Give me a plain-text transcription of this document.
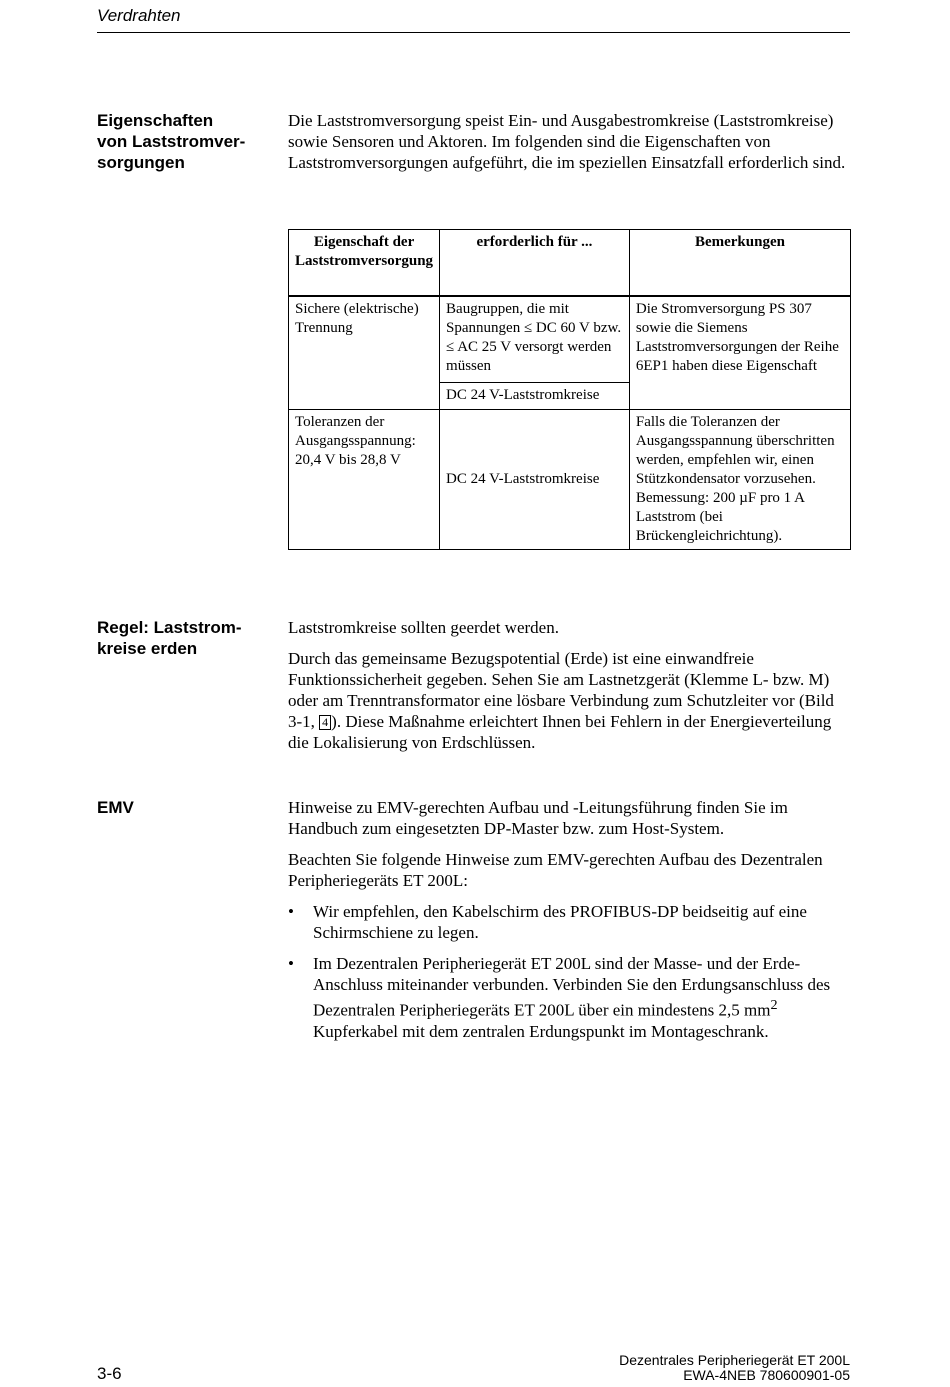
Verdrahten
Eigenschaften
von Laststromver-
sorgungen

Die Laststromversorgung speist Ein- und Ausgabestromkreise (Laststromkreise) sowie Sensoren und Aktoren. Im folgenden sind die Eigenschaften von Laststromversorgungen aufgeführt, die im speziellen Einsatzfall erforderlich sind.

Eigenschaft der Laststromversorgung	erforderlich für ...	Bemerkungen
Sichere (elektrische) Trennung	Baugruppen, die mit Spannungen ≤ DC 60 V bzw. ≤ AC 25 V versorgt werden müssen	Die Stromversorgung PS 307 sowie die Siemens Laststromversorgungen der Reihe 6EP1 haben diese Eigenschaft
	DC 24 V-Laststromkreise	
Toleranzen der Ausgangsspannung: 20,4 V bis 28,8 V	DC 24 V-Laststromkreise	Falls die Toleranzen der Ausgangsspannung überschritten werden, empfehlen wir, einen Stützkondensator vorzusehen. Bemessung: 200 µF pro 1 A Laststrom (bei Brückengleichrichtung).
Regel: Laststrom-
kreise erden

Laststromkreise sollten geerdet werden.

Durch das gemeinsame Bezugspotential (Erde) ist eine einwandfreie Funktionssicherheit gegeben. Sehen Sie am Lastnetzgerät (Klemme L- bzw. M) oder am Trenntransformator eine lösbare Verbindung zum Schutzleiter vor (Bild 3-1, 4 ). Diese Maßnahme erleichtert Ihnen bei Fehlern in der Energieverteilung die Lokalisierung von Erdschlüssen.

EMV	Hinweise zu EMV-gerechten Aufbau und -Leitungsführung finden Sie im Handbuch zum eingesetzten DP-Master bzw. zum Host-System.

Beachten Sie folgende Hinweise zum EMV-gerechten Aufbau des Dezentralen Peripheriegeräts ET 200L:

• Wir empfehlen, den Kabelschirm des PROFIBUS-DP beidseitig auf eine Schirmschiene zu legen.
• Im Dezentralen Peripheriegerät ET 200L sind der Masse- und der Erde-Anschluss miteinander verbunden. Verbinden Sie den Erdungsanschluss des Dezentralen Peripheriegeräts ET 200L über ein mindestens 2,5 $mm^2$ Kupferkabel mit dem zentralen Erdungspunkt im Montageschrank.
3-6
Dezentrales Peripheriegerät ET 200L
EWA-4NEB 780600901-05
